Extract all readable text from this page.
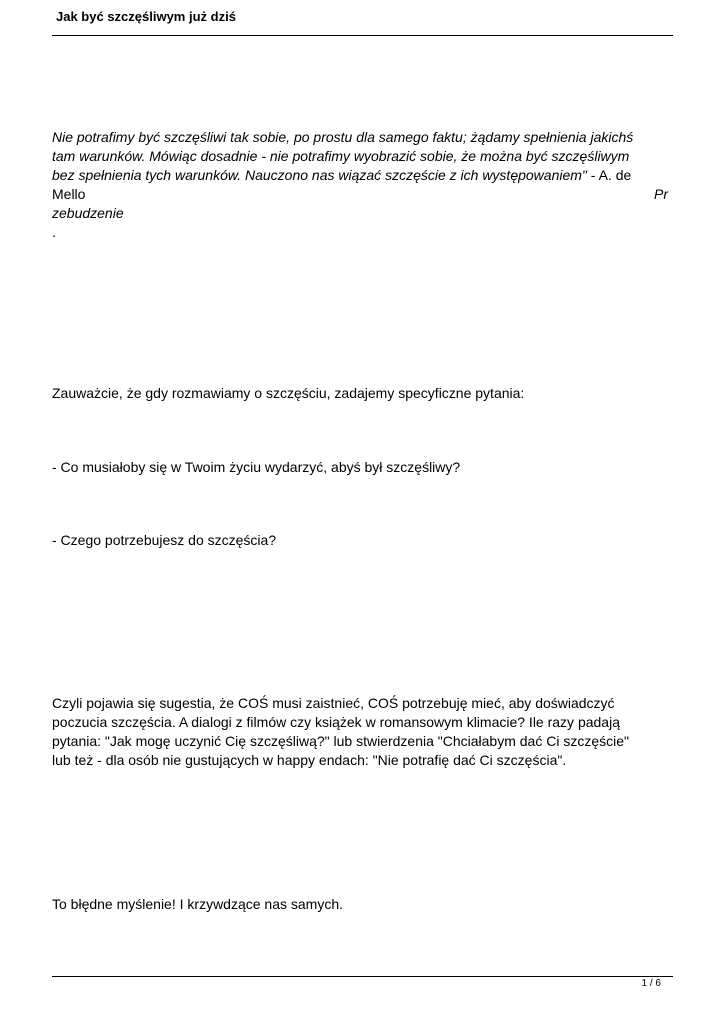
Jak być szczęśliwym już dziś
Nie potrafimy być szczęśliwi tak sobie, po prostu dla samego faktu; żądamy spełnienia jakichś
tam warunków. Mówiąc dosadnie - nie potrafimy wyobrazić sobie, że można być szczęśliwym
bez spełnienia tych warunków. Nauczono nas wiązać szczęście z ich występowaniem" - A. de
Mello	Pr
zebudzenie
.

Zauważcie, że gdy rozmawiamy o szczęściu, zadajemy specyficzne pytania:

- Co musiałoby się w Twoim życiu wydarzyć, abyś był szczęśliwy?

- Czego potrzebujesz do szczęścia?

Czyli pojawia się sugestia, że COŚ musi zaistnieć, COŚ potrzebuję mieć, aby doświadczyć
poczucia szczęścia. A dialogi z filmów czy książek w romansowym klimacie? Ile razy padają
pytania: "Jak mogę uczynić Cię szczęśliwą?" lub stwierdzenia "Chciałabym dać Ci szczęście"
lub też - dla osób nie gustujących w happy endach: "Nie potrafię dać Ci szczęścia".

To błędne myślenie! I krzywdzące nas samych.

1 / 6
